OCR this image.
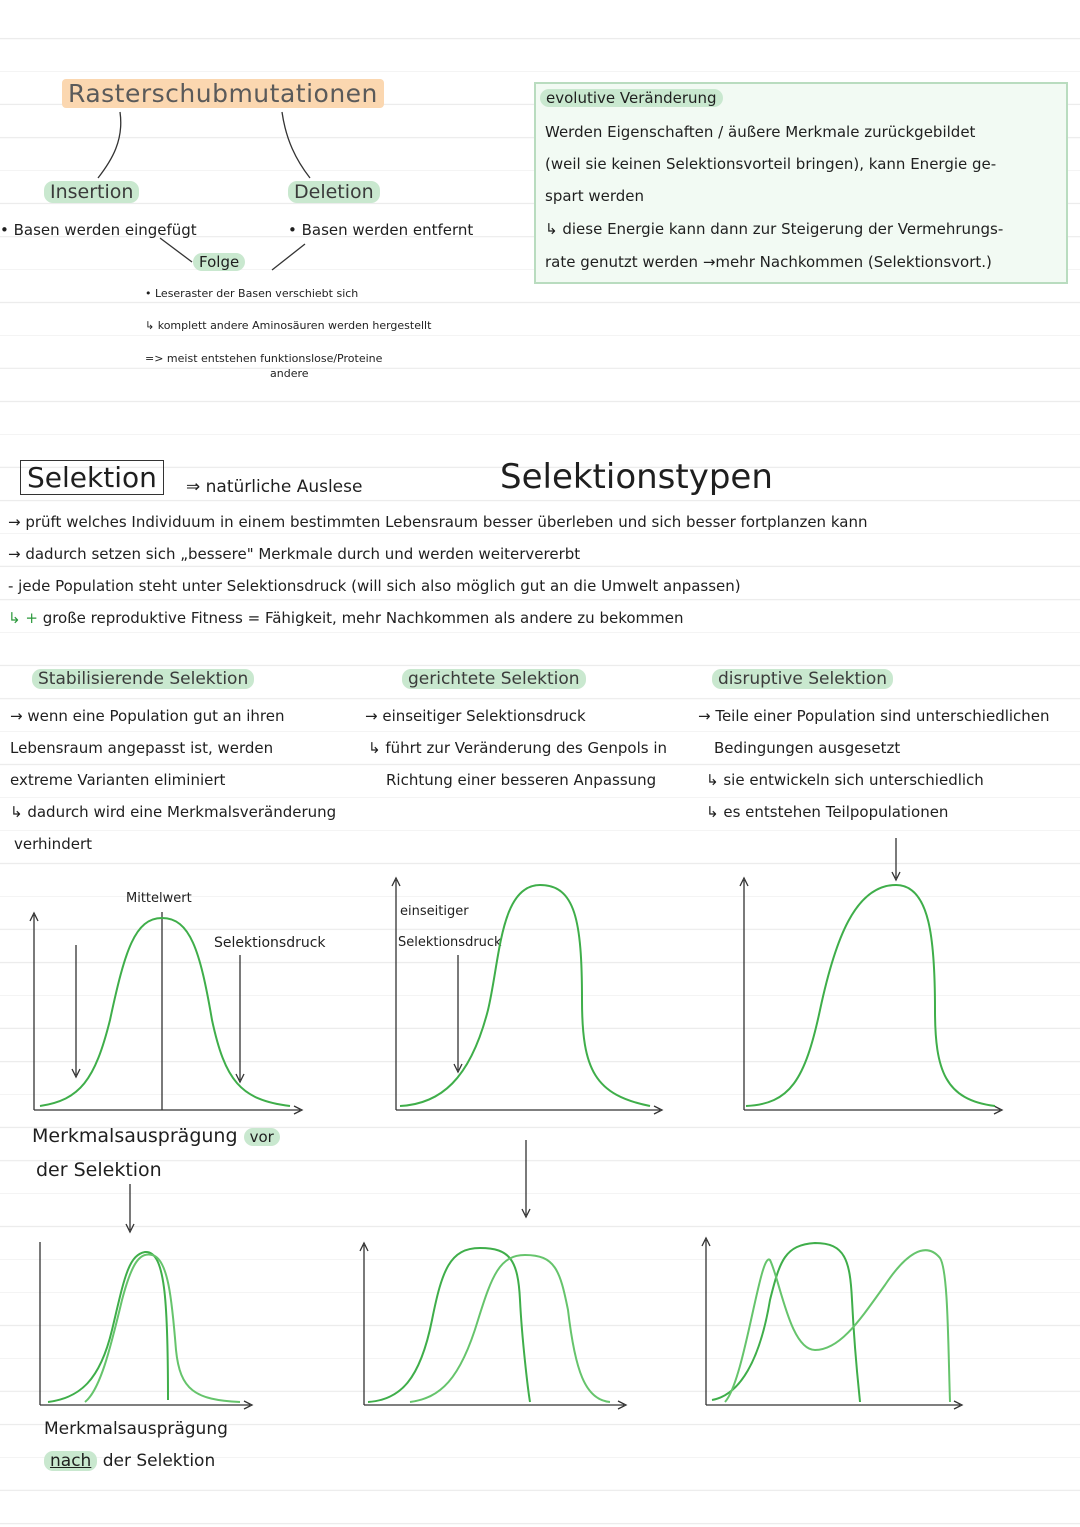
Rasterschubmutationen
Insertion	Deletion
• Basen werden eingefügt	• Basen werden entfernt
Folge
• Leseraster der Basen verschiebt sich
↳ komplett andere Aminosäuren werden hergestellt
=> meist entstehen funktionslose/Proteine
andere
evolutive Veränderung
Werden Eigenschaften / äußere Merkmale zurückgebildet
(weil sie keinen Selektionsvorteil bringen), kann Energie ge-
spart werden
↳ diese Energie kann dann zur Steigerung der Vermehrungs-
rate genutzt werden →mehr Nachkommen (Selektionsvort.)
Selektion	⇒ natürliche Auslese	Selektionstypen
→ prüft welches Individuum in einem bestimmten Lebensraum besser überleben und sich besser fortplanzen kann
→ dadurch setzen sich „bessere" Merkmale durch und werden weitervererbt
- jede Population steht unter Selektionsdruck (will sich also möglich gut an die Umwelt anpassen)
↳ + große reproduktive Fitness = Fähigkeit, mehr Nachkommen als andere zu bekommen
Stabilisierende Selektion
→ wenn eine Population gut an ihren
Lebensraum angepasst ist, werden
extreme Varianten eliminiert
↳ dadurch wird eine Merkmalsveränderung
verhindert
gerichtete Selektion
→ einseitiger Selektionsdruck
↳ führt zur Veränderung des Genpols in
Richtung einer besseren Anpassung
disruptive Selektion
→ Teile einer Population sind unterschiedlichen
Bedingungen ausgesetzt
↳ sie entwickeln sich unterschiedlich
↳ es entstehen Teilpopulationen
Mittelwert
Selektionsdruck
einseitiger
Selektionsdruck
Merkmalsausprägung vor
der Selektion
Merkmalsausprägung
nach der Selektion
